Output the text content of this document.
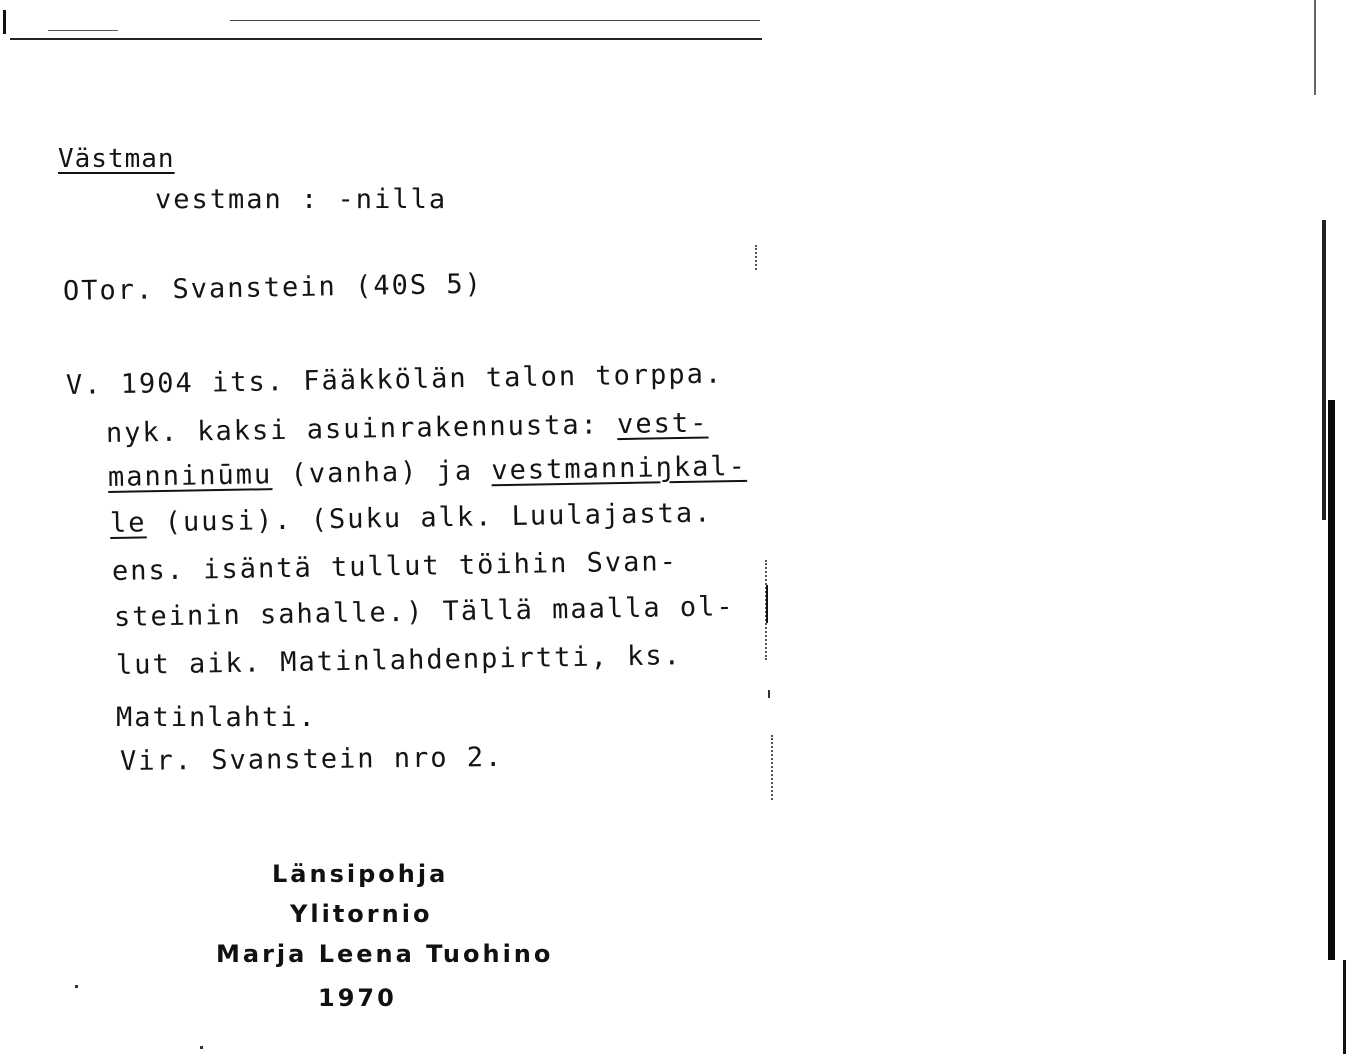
Västman
vestman : -nilla
OTor. Svanstein (40S 5)
V. 1904 its. Fääkkölän talon torppa.
nyk. kaksi asuinrakennusta: vest-
manninūmu (vanha) ja vestmanniŋkal-
le (uusi). (Suku alk. Luulajasta.
ens. isäntä tullut töihin Svan-
steinin sahalle.) Tällä maalla ol-
lut aik. Matinlahdenpirtti, ks.
Matinlahti.
Vir. Svanstein nro 2.
Länsipohja
Ylitornio
Marja Leena Tuohino
1970
